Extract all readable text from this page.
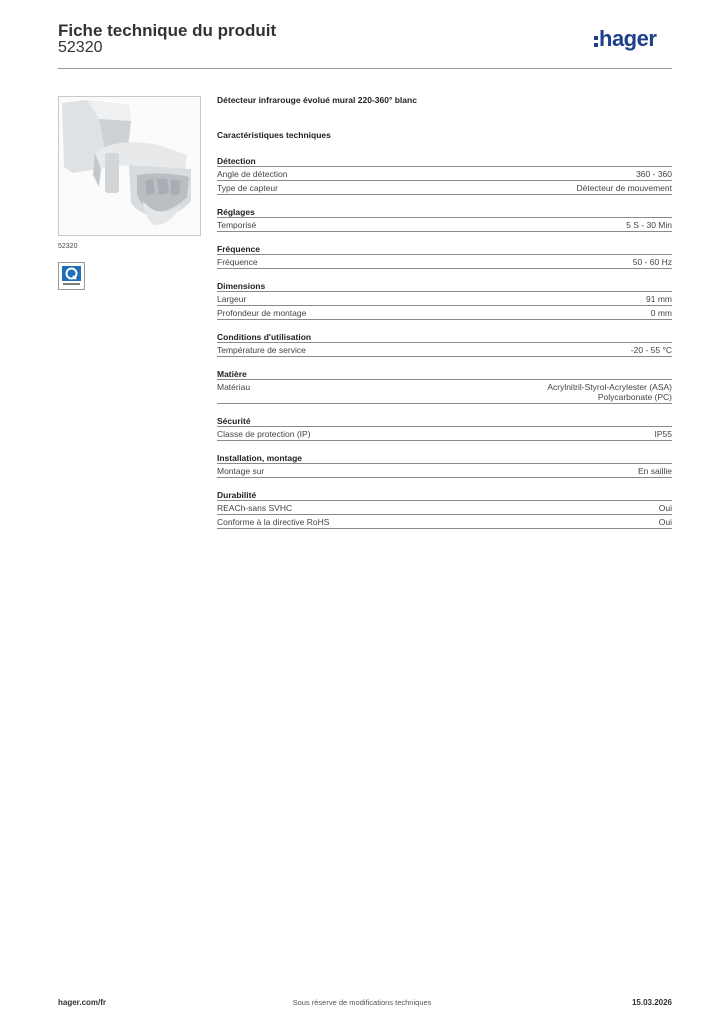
Fiche technique du produit
52320	hager
52320
Détecteur infrarouge évolué mural 220-360° blanc
Caractéristiques techniques
Détection
Angle de détection	360 - 360
Type de capteur	Détecteur de mouvement
Réglages
Temporisé	5 S - 30 Min
Fréquence
Fréquence	50 - 60 Hz
Dimensions
Largeur	91 mm
Profondeur de montage	0 mm
Conditions d'utilisation
Température de service	-20 - 55 °C
Matière
Matériau	Acrylnitril-Styrol-Acrylester (ASA)
Polycarbonate (PC)
Sécurité
Classe de protection (IP)	IP55
Installation, montage
Montage sur	En saillie
Durabilité
REACh-sans SVHC	Oui
Conforme à la directive RoHS	Oui
hager.com/fr	Sous réserve de modifications techniques	15.03.2026
